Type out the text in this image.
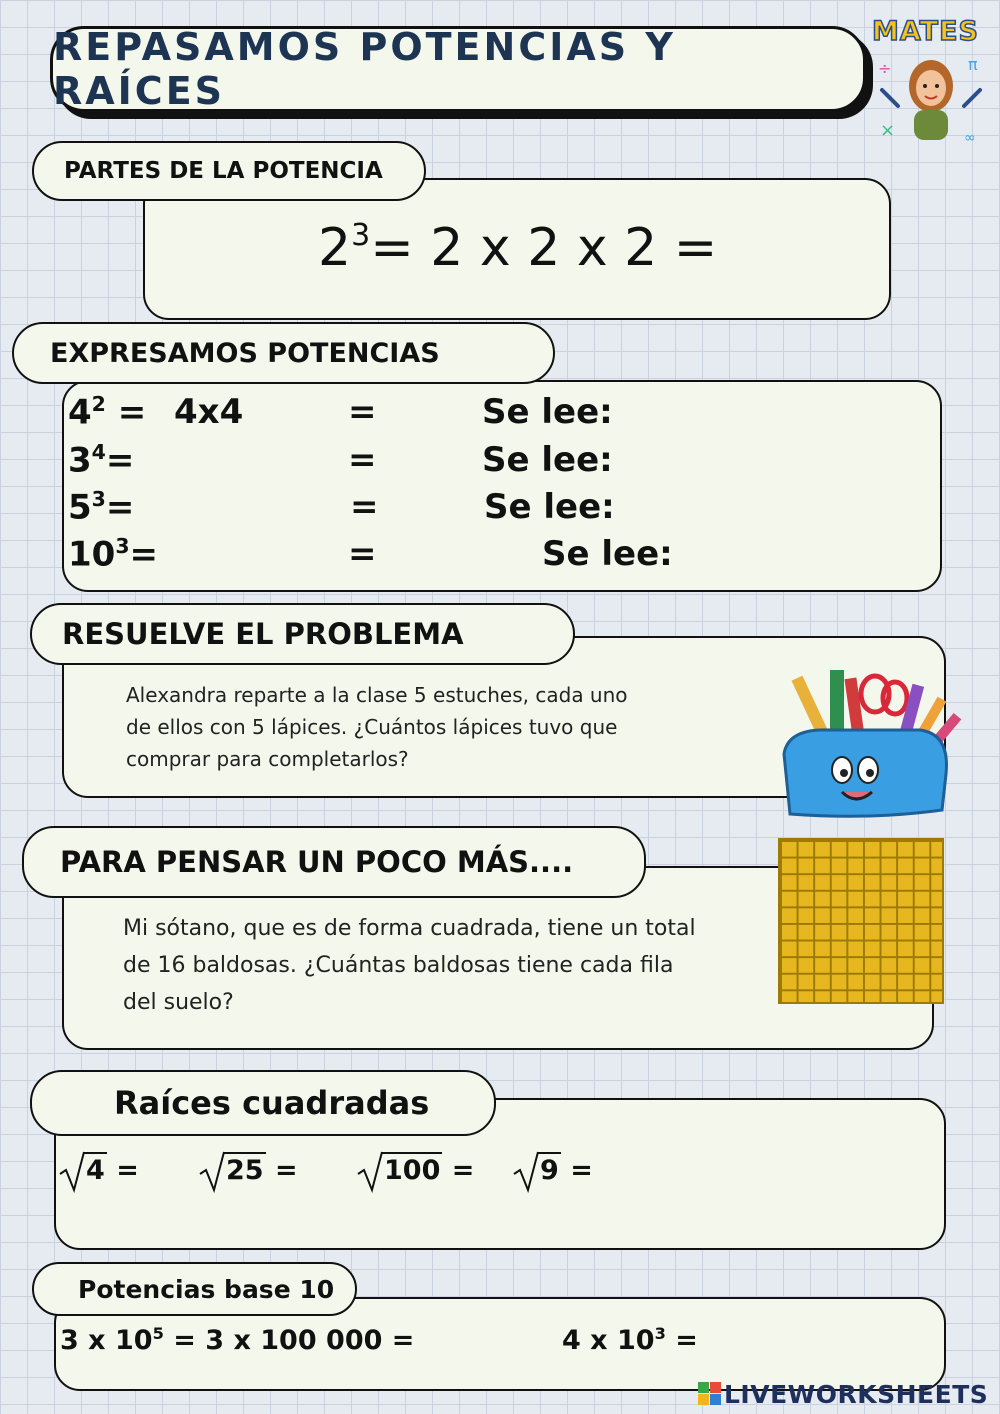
REPASAMOS POTENCIAS Y RAÍCES
MATES
÷	π
×	∞
PARTES DE LA POTENCIA
$2^3= 2$ x 2 x 2 =
EXPRESAMOS POTENCIAS
$4^2 = 4x4$	=	Se lee:
$3^4=$	=	Se lee:
$5^3=$	=	Se lee:
$10^3=$	=	Se lee:
RESUELVE EL PROBLEMA
Alexandra reparte a la clase 5 estuches, cada uno
de ellos con 5 lápices. ¿Cuántos lápices tuvo que
comprar para completarlos?
PARA PENSAR UN POCO MÁS....
Mi sótano, que es de forma cuadrada, tiene un total
de 16 baldosas. ¿Cuántas baldosas tiene cada fila
del suelo?
Raíces cuadradas
4 =	25 =	100 =	9 =
Potencias base 10
3 x $10^5 = 3$ x 100 000 =	4 x $10^3$ =
LIVEWORKSHEETS
